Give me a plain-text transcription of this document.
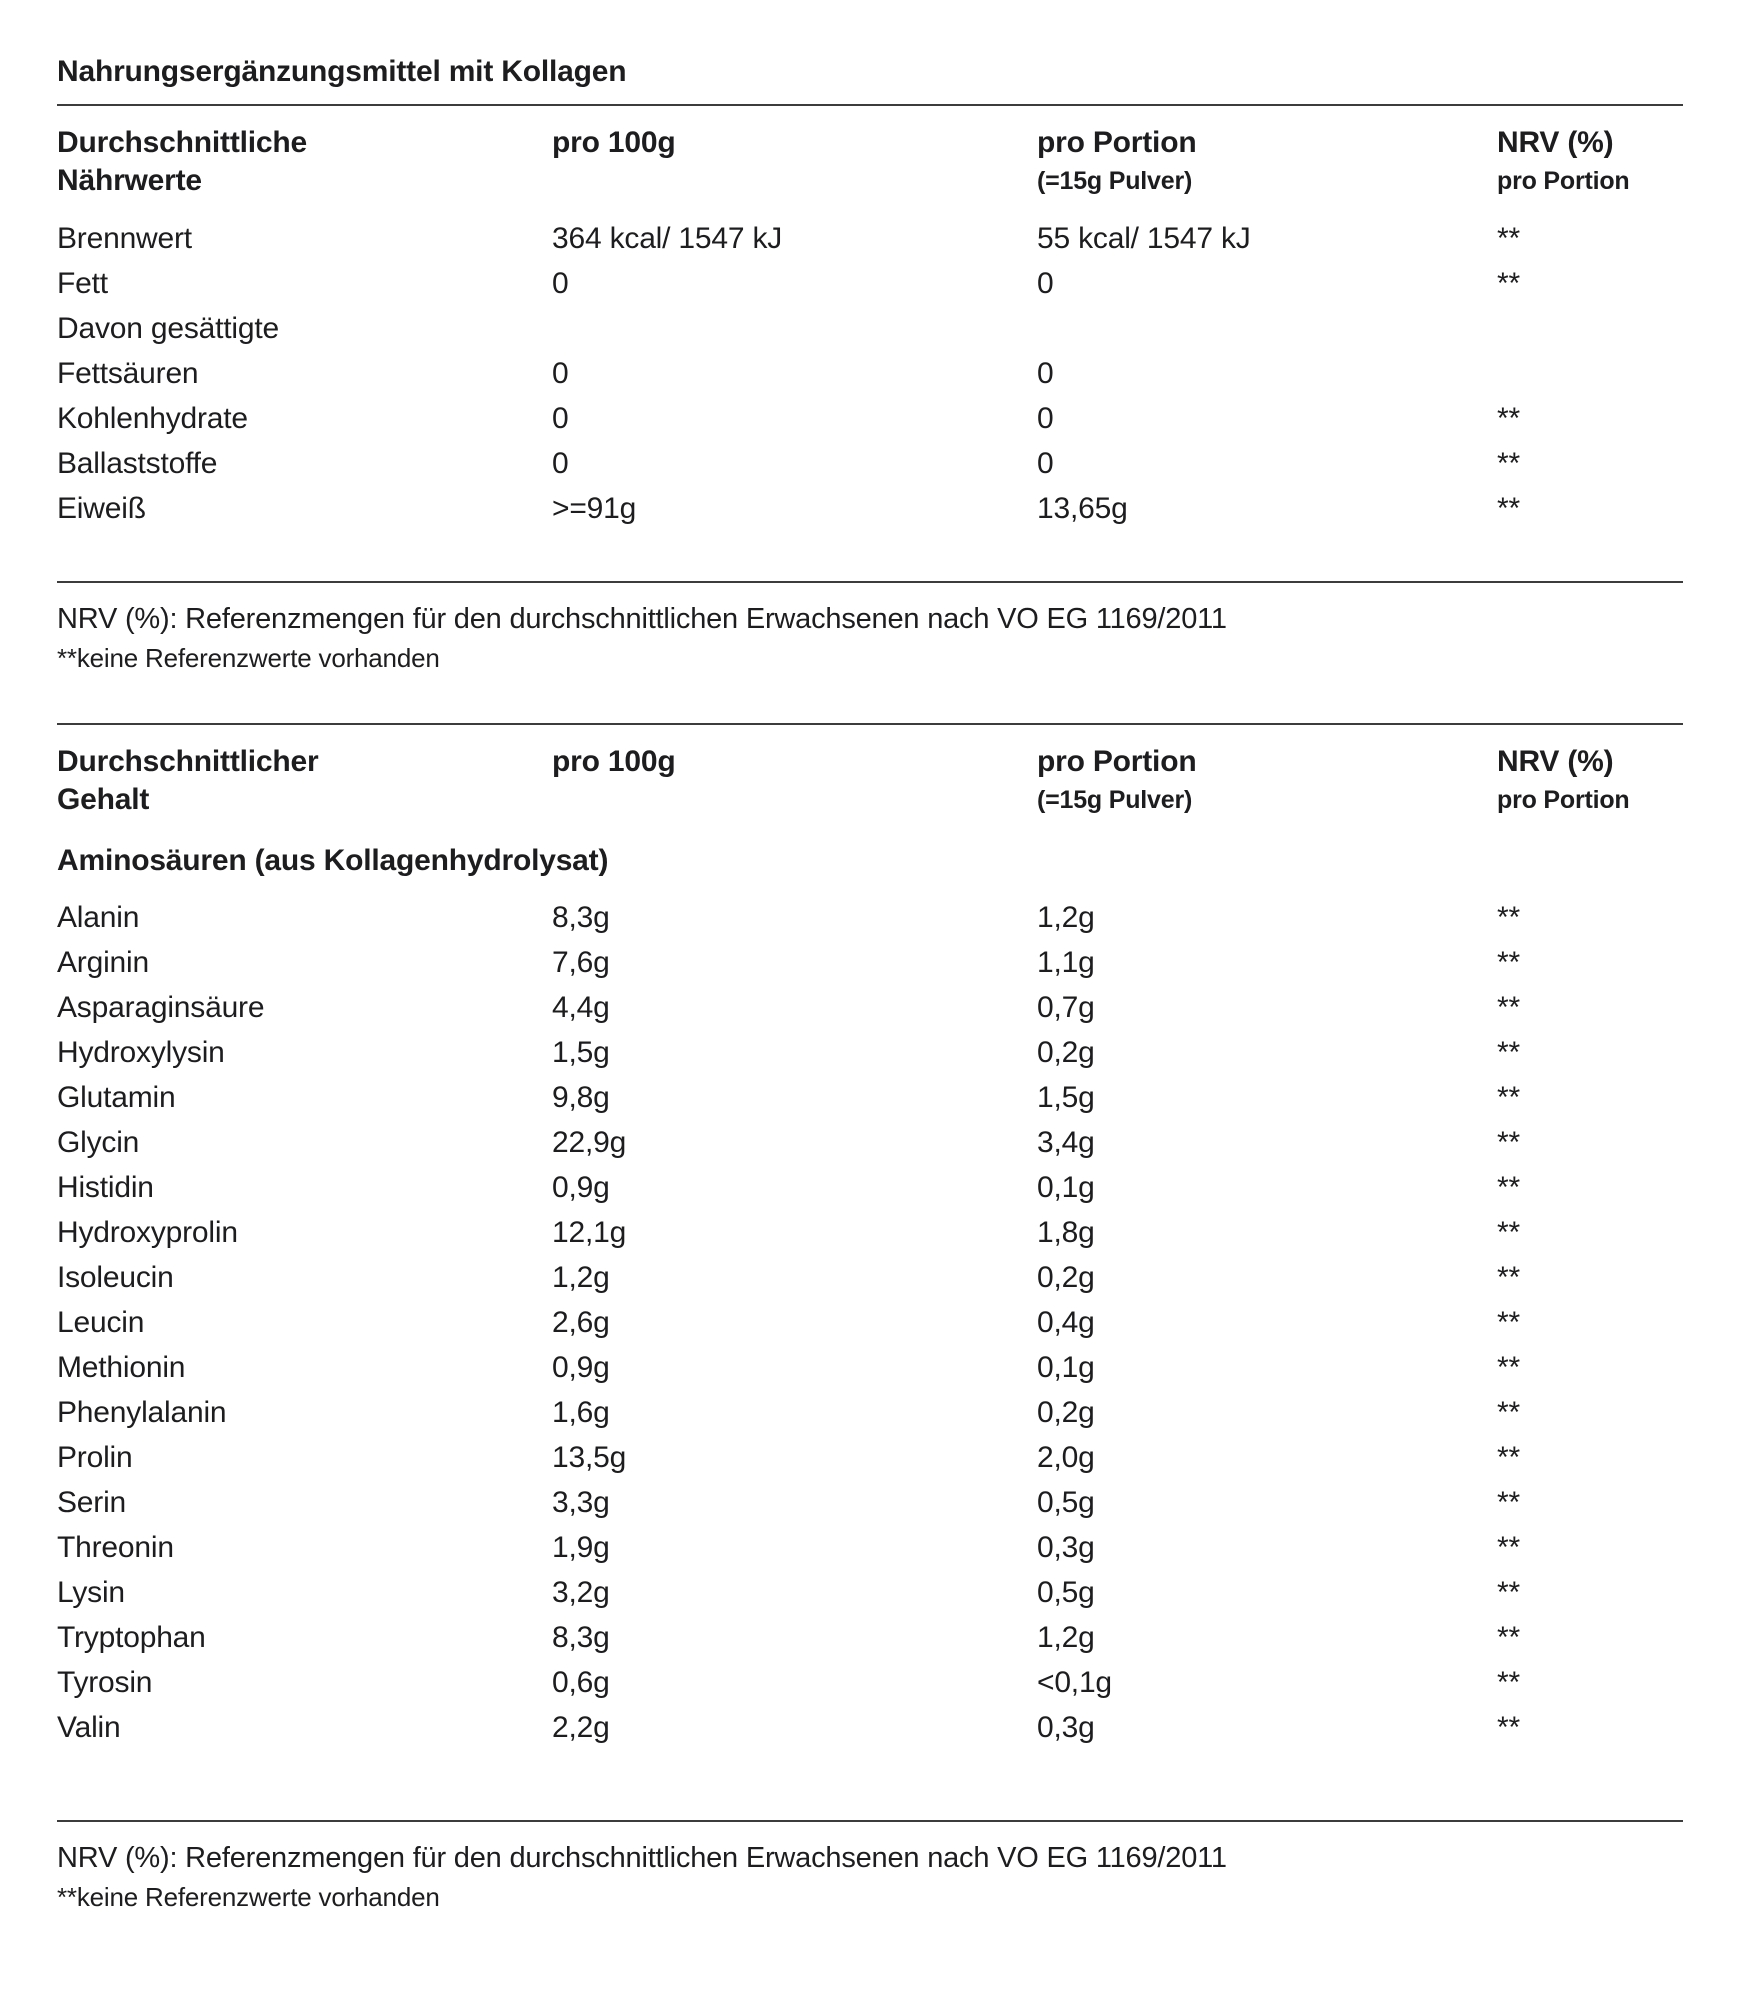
Nahrungsergänzungsmittel mit Kollagen
Durchschnittliche
Nährwerte
pro 100g	pro Portion
(=15g Pulver)
NRV (%)
pro Portion
Brennwert	364 kcal/ 1547 kJ	55 kcal/ 1547 kJ	**
Fett	0	0	**
Davon gesättigte
Fettsäuren	0	0
Kohlenhydrate	0	0	**
Ballaststoffe	0	0	**
Eiweiß	>=91g	13,65g	**
NRV (%): Referenzmengen für den durchschnittlichen Erwachsenen nach VO EG 1169/2011
**keine Referenzwerte vorhanden
Durchschnittlicher
Gehalt
pro 100g	pro Portion
(=15g Pulver)
NRV (%)
pro Portion
Aminosäuren (aus Kollagenhydrolysat)
Alanin	8,3g	1,2g	**
Arginin	7,6g	1,1g	**
Asparaginsäure	4,4g	0,7g	**
Hydroxylysin	1,5g	0,2g	**
Glutamin	9,8g	1,5g	**
Glycin	22,9g	3,4g	**
Histidin	0,9g	0,1g	**
Hydroxyprolin	12,1g	1,8g	**
Isoleucin	1,2g	0,2g	**
Leucin	2,6g	0,4g	**
Methionin	0,9g	0,1g	**
Phenylalanin	1,6g	0,2g	**
Prolin	13,5g	2,0g	**
Serin	3,3g	0,5g	**
Threonin	1,9g	0,3g	**
Lysin	3,2g	0,5g	**
Tryptophan	8,3g	1,2g	**
Tyrosin	0,6g	<0,1g	**
Valin	2,2g	0,3g	**
NRV (%): Referenzmengen für den durchschnittlichen Erwachsenen nach VO EG 1169/2011
**keine Referenzwerte vorhanden
